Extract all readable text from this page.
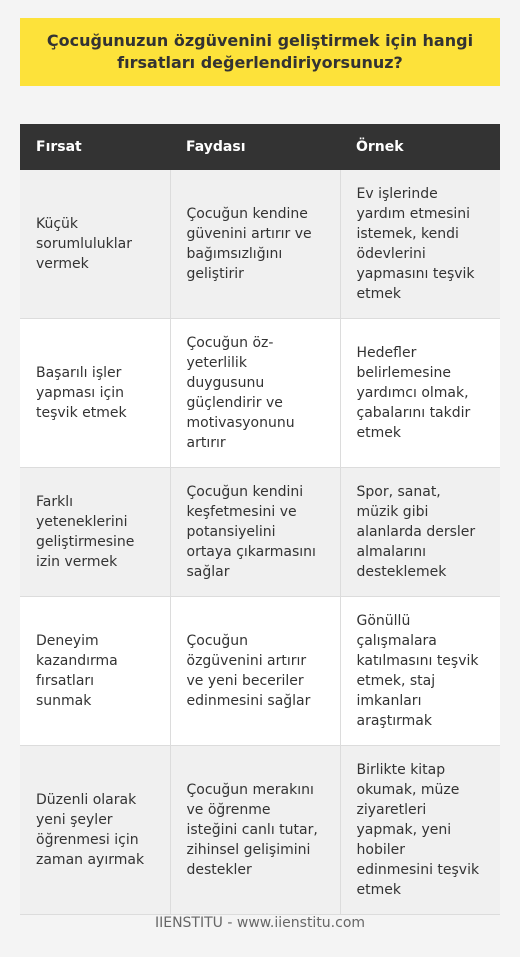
Çocuğunuzun özgüvenini geliştirmek için hangi fırsatları değerlendiriyorsunuz?
Fırsat	Faydası	Örnek
Küçük sorumluluklar vermek	Çocuğun kendine güvenini artırır ve bağımsızlığını geliştirir	Ev işlerinde yardım etmesini istemek, kendi ödevlerini yapmasını teşvik etmek
Başarılı işler yapması için teşvik etmek	Çocuğun öz-yeterlilik duygusunu güçlendirir ve motivasyonunu artırır	Hedefler belirlemesine yardımcı olmak, çabalarını takdir etmek
Farklı yeteneklerini geliştirmesine izin vermek	Çocuğun kendini keşfetmesini ve potansiyelini ortaya çıkarmasını sağlar	Spor, sanat, müzik gibi alanlarda dersler almalarını desteklemek
Deneyim kazandırma fırsatları sunmak	Çocuğun özgüvenini artırır ve yeni beceriler edinmesini sağlar	Gönüllü çalışmalara katılmasını teşvik etmek, staj imkanları araştırmak
Düzenli olarak yeni şeyler öğrenmesi için zaman ayırmak	Çocuğun merakını ve öğrenme isteğini canlı tutar, zihinsel gelişimini destekler	Birlikte kitap okumak, müze ziyaretleri yapmak, yeni hobiler edinmesini teşvik etmek
IIENSTITU - www.iienstitu.com
